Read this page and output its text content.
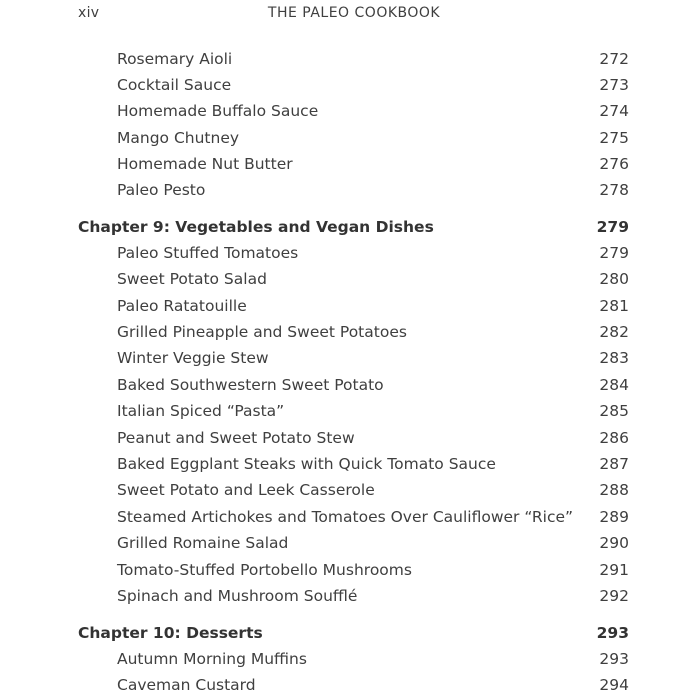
xiv	THE PALEO COOKBOOK
Rosemary Aioli	272
Cocktail Sauce	273
Homemade Buffalo Sauce	274
Mango Chutney	275
Homemade Nut Butter	276
Paleo Pesto	278
Chapter 9: Vegetables and Vegan Dishes	279
Paleo Stuffed Tomatoes	279
Sweet Potato Salad	280
Paleo Ratatouille	281
Grilled Pineapple and Sweet Potatoes	282
Winter Veggie Stew	283
Baked Southwestern Sweet Potato	284
Italian Spiced “Pasta”	285
Peanut and Sweet Potato Stew	286
Baked Eggplant Steaks with Quick Tomato Sauce	287
Sweet Potato and Leek Casserole	288
Steamed Artichokes and Tomatoes Over Cauliflower “Rice” 289
Grilled Romaine Salad	290
Tomato-Stuffed Portobello Mushrooms	291
Spinach and Mushroom Soufflé	292
Chapter 10: Desserts	293
Autumn Morning Muffins	293
Caveman Custard	294
